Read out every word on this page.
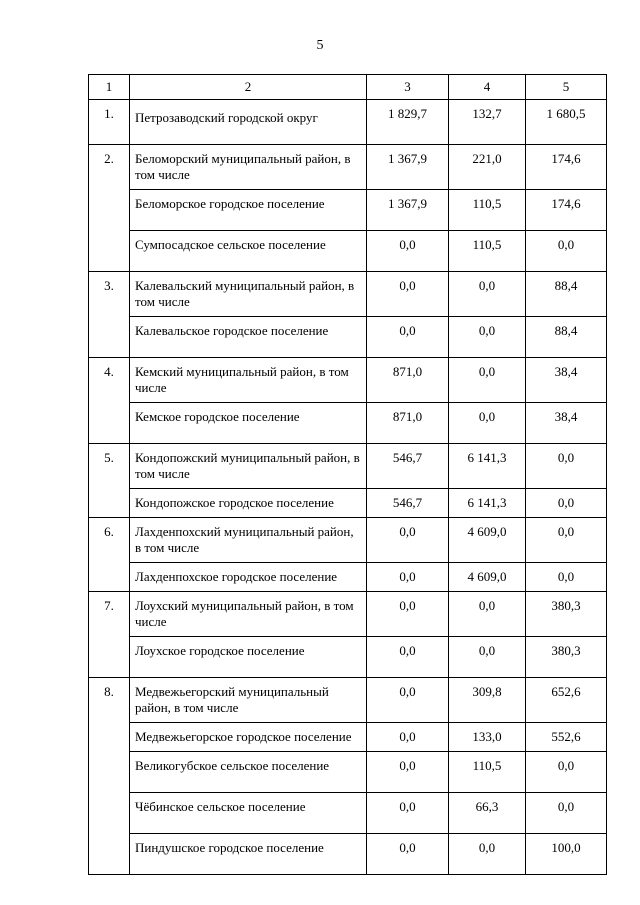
5
1	2	3	4	5
1.	Петрозаводский городской округ	1 829,7	132,7	1 680,5
2.	Беломорский муниципальный район, в том числе	1 367,9	221,0	174,6
	Беломорское городское поселение	1 367,9	110,5	174,6
	Сумпосадское сельское поселение	0,0	110,5	0,0
3.	Калевальский муниципальный район, в том числе	0,0	0,0	88,4
	Калевальское городское поселение	0,0	0,0	88,4
4.	Кемский муниципальный район, в том числе	871,0	0,0	38,4
	Кемское городское поселение	871,0	0,0	38,4
5.	Кондопожский муниципальный район, в том числе	546,7	6 141,3	0,0
	Кондопожское городское поселение	546,7	6 141,3	0,0
6.	Лахденпохский муниципальный район, в том числе	0,0	4 609,0	0,0
	Лахденпохское городское поселение	0,0	4 609,0	0,0
7.	Лоухский муниципальный район, в том числе	0,0	0,0	380,3
	Лоухское городское поселение	0,0	0,0	380,3
8.	Медвежьегорский муниципальный район, в том числе	0,0	309,8	652,6
	Медвежьегорское городское поселение	0,0	133,0	552,6
	Великогубское сельское поселение	0,0	110,5	0,0
	Чёбинское сельское поселение	0,0	66,3	0,0
	Пиндушское городское поселение	0,0	0,0	100,0
